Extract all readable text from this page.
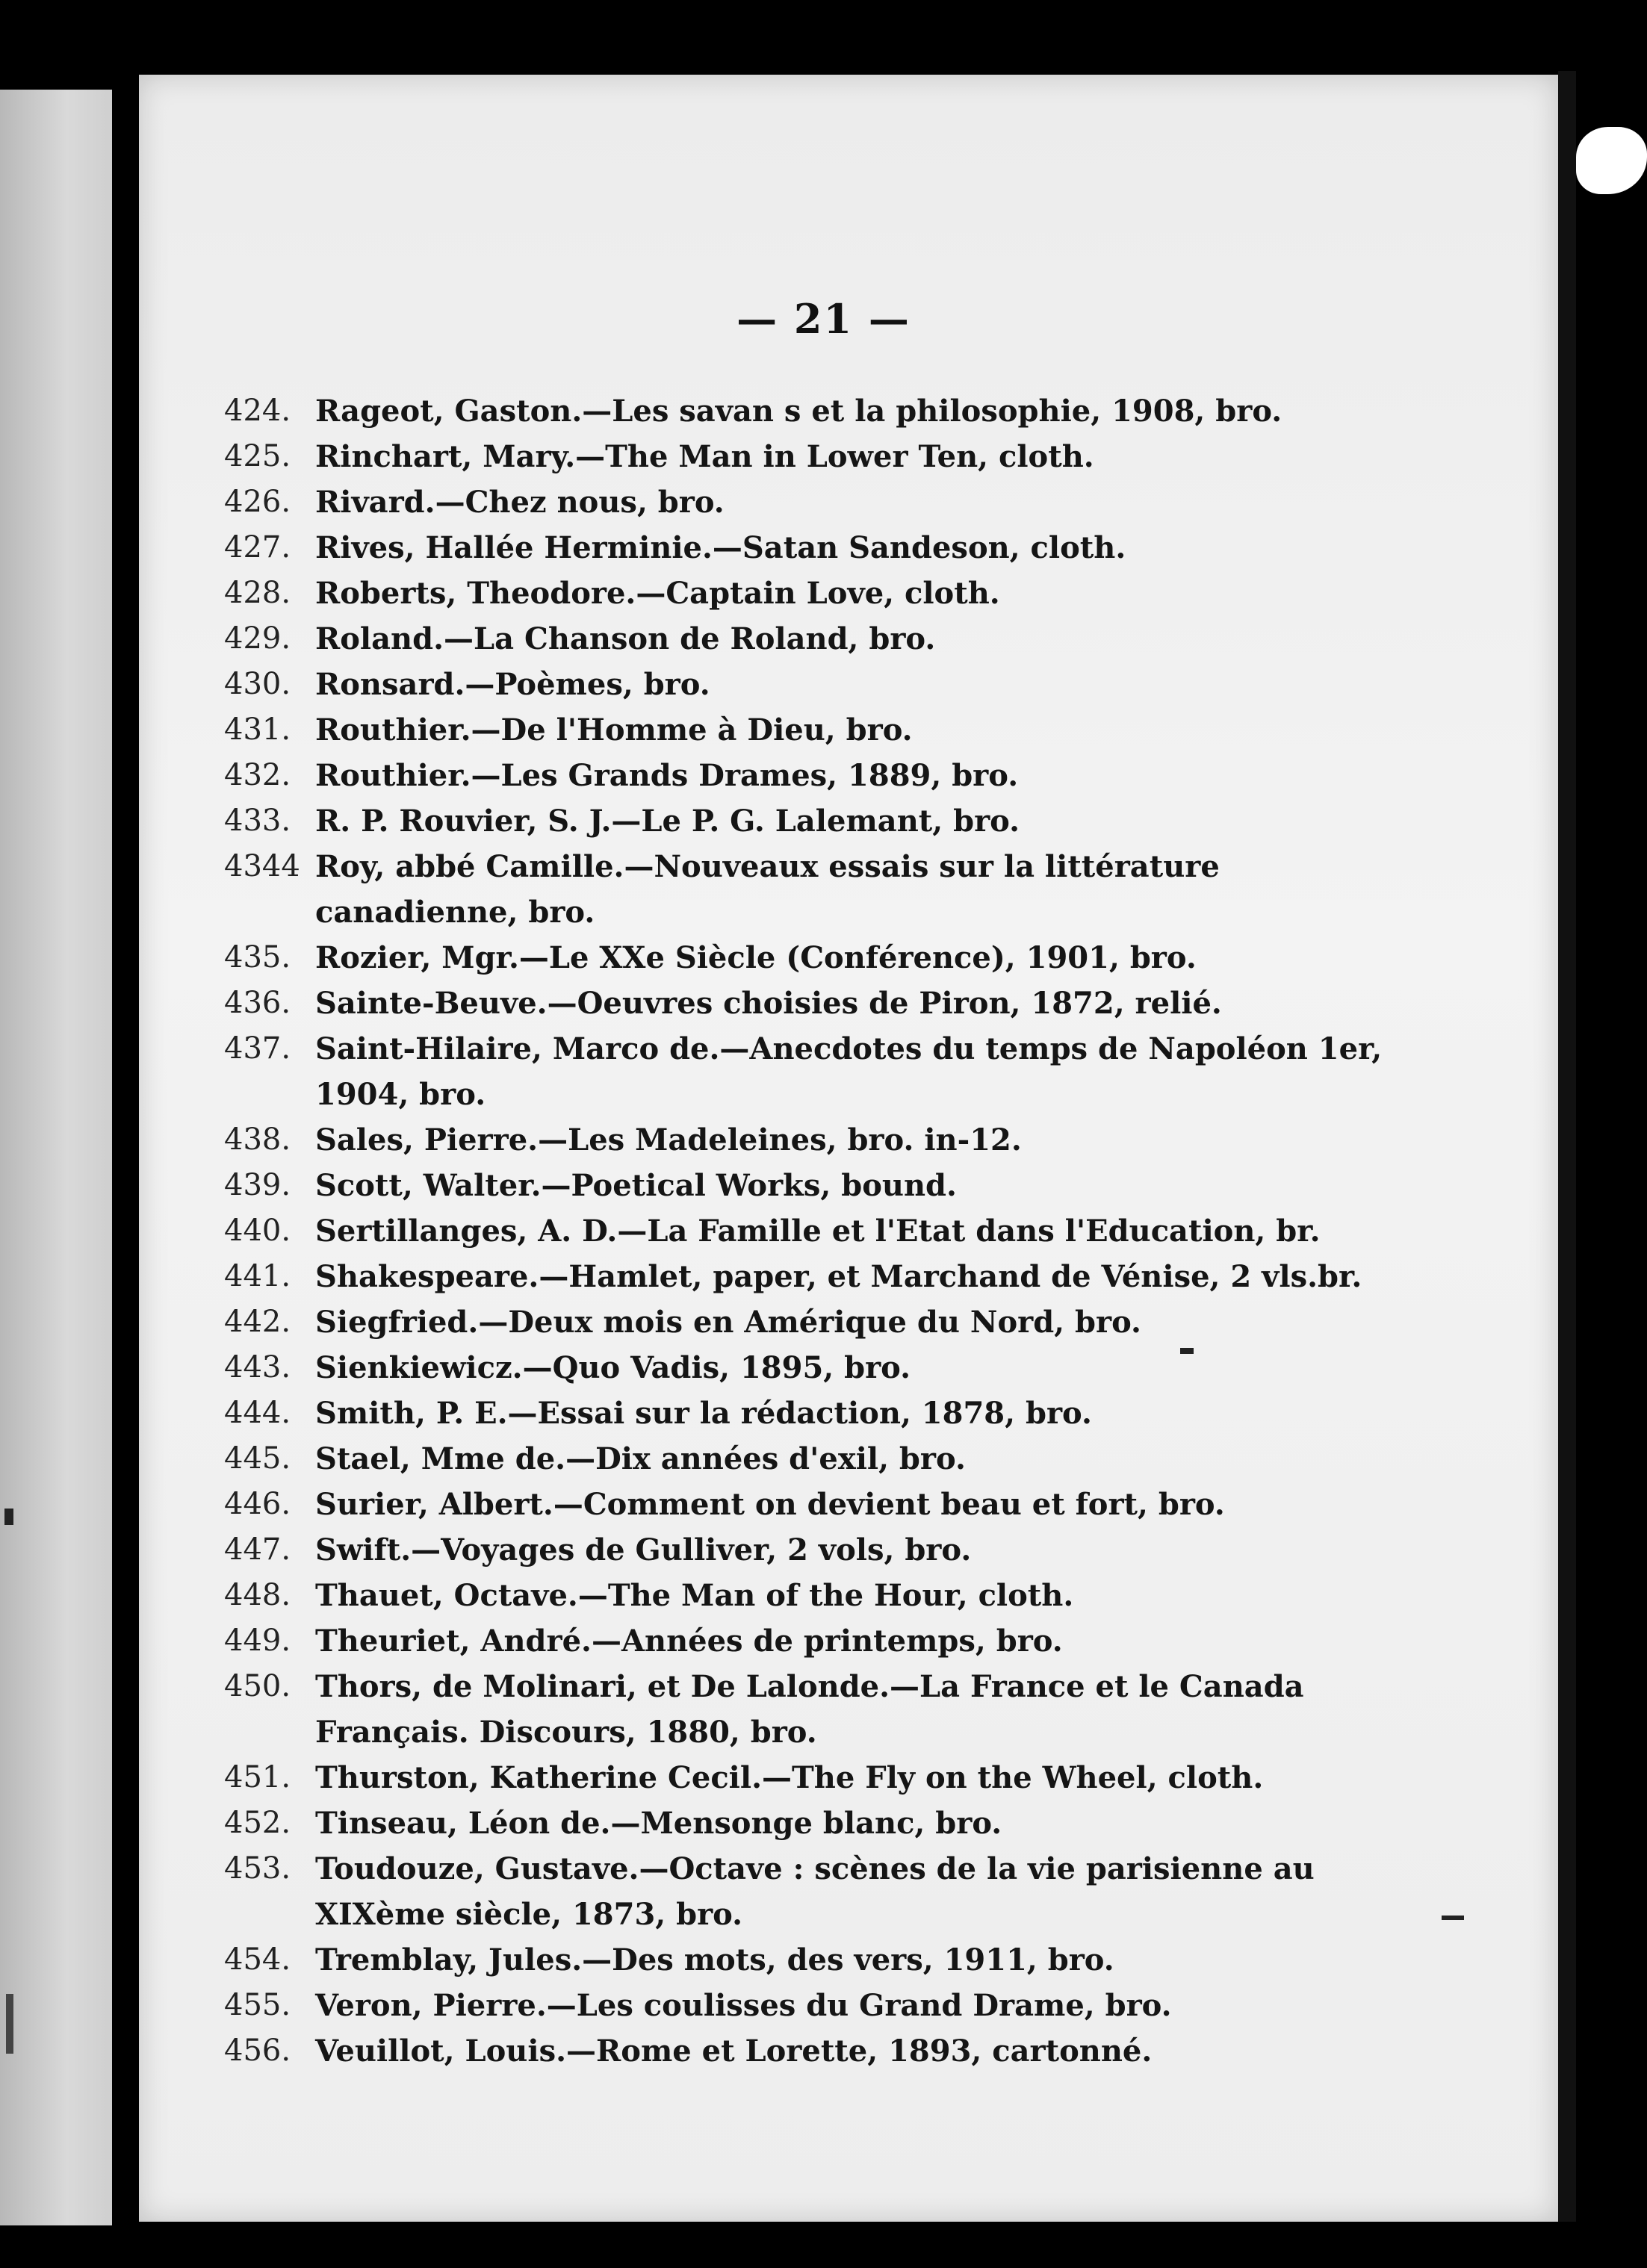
— 21 —
424. Rageot, Gaston.—Les savan s et la philosophie, 1908, bro.
425. Rinchart, Mary.—The Man in Lower Ten, cloth.
426. Rivard.—Chez nous, bro.
427. Rives, Hallée Herminie.—Satan Sandeson, cloth.
428. Roberts, Theodore.—Captain Love, cloth.
429. Roland.—La Chanson de Roland, bro.
430. Ronsard.—Poèmes, bro.
431. Routhier.—De l'Homme à Dieu, bro.
432. Routhier.—Les Grands Drames, 1889, bro.
433. R. P. Rouvier, S. J.—Le P. G. Lalemant, bro.
4344 Roy, abbé Camille.—Nouveaux essais sur la littérature canadienne, bro.
435. Rozier, Mgr.—Le XXe Siècle (Conférence), 1901, bro.
436. Sainte-Beuve.—Oeuvres choisies de Piron, 1872, relié.
437. Saint-Hilaire, Marco de.—Anecdotes du temps de Napoléon 1er, 1904, bro.
438. Sales, Pierre.—Les Madeleines, bro. in-12.
439. Scott, Walter.—Poetical Works, bound.
440. Sertillanges, A. D.—La Famille et l'Etat dans l'Education, br.
441. Shakespeare.—Hamlet, paper, et Marchand de Vénise, 2 vls.br.
442. Siegfried.—Deux mois en Amérique du Nord, bro.
443. Sienkiewicz.—Quo Vadis, 1895, bro.
444. Smith, P. E.—Essai sur la rédaction, 1878, bro.
445. Stael, Mme de.—Dix années d'exil, bro.
446. Surier, Albert.—Comment on devient beau et fort, bro.
447. Swift.—Voyages de Gulliver, 2 vols, bro.
448. Thauet, Octave.—The Man of the Hour, cloth.
449. Theuriet, André.—Années de printemps, bro.
450. Thors, de Molinari, et De Lalonde.—La France et le Canada Français. Discours, 1880, bro.
451. Thurston, Katherine Cecil.—The Fly on the Wheel, cloth.
452. Tinseau, Léon de.—Mensonge blanc, bro.
453. Toudouze, Gustave.—Octave : scènes de la vie parisienne au XIXème siècle, 1873, bro.
454. Tremblay, Jules.—Des mots, des vers, 1911, bro.
455. Veron, Pierre.—Les coulisses du Grand Drame, bro.
456. Veuillot, Louis.—Rome et Lorette, 1893, cartonné.
